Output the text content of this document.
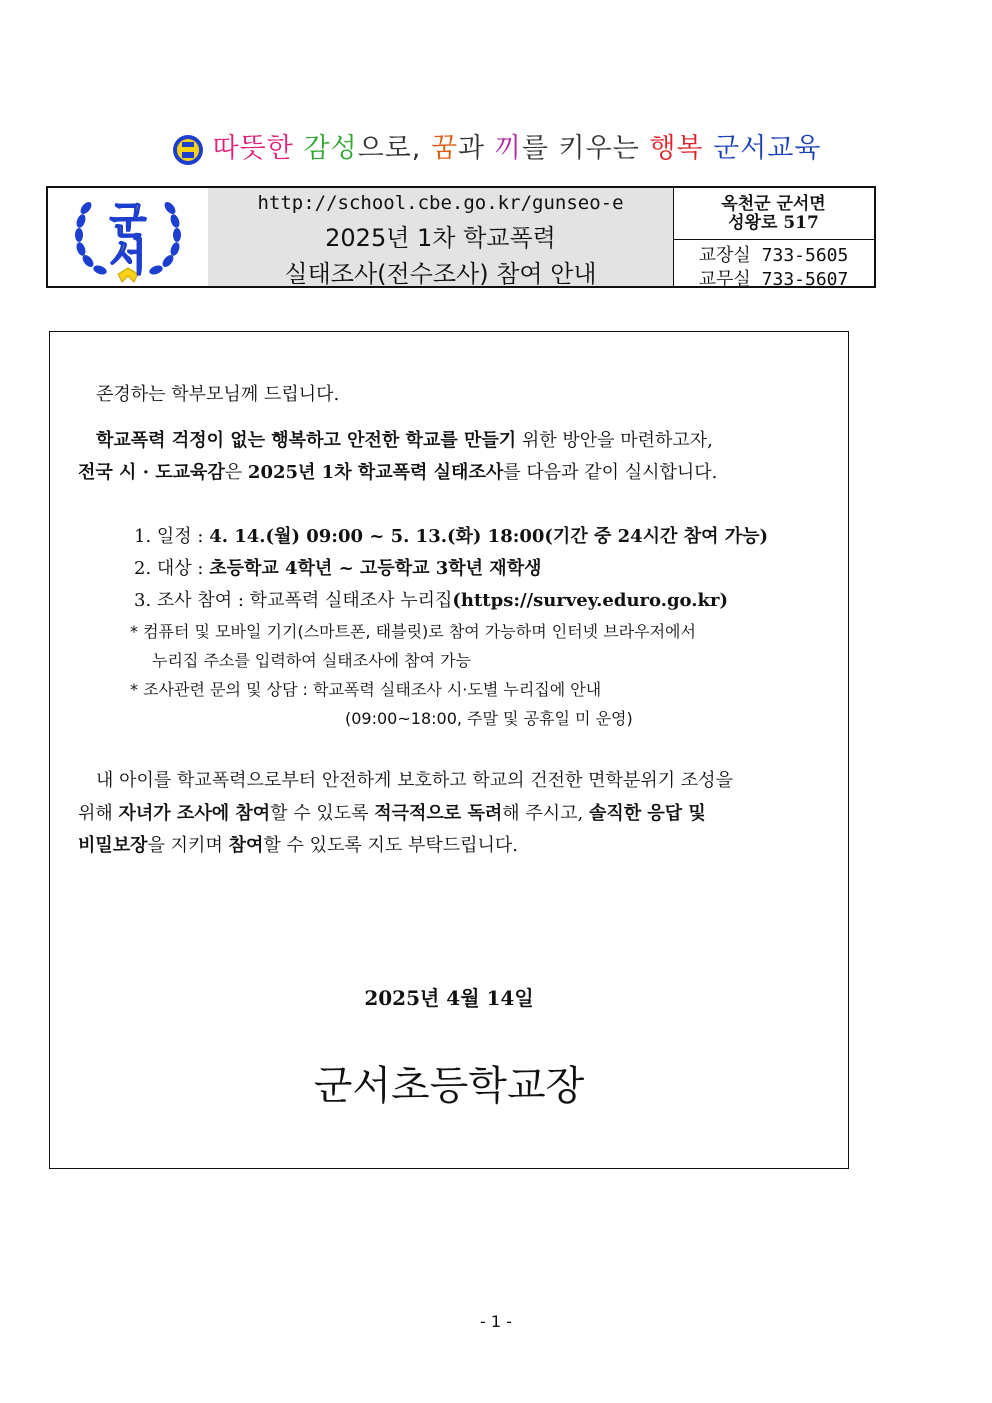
따뜻한 감성으로, 꿈과 끼를 키우는 행복 군서교육
군
서
http://school.cbe.go.kr/gunseo-e
2025년 1차 학교폭력
실태조사(전수조사) 참여 안내
옥천군 군서면
성왕로 517
교장실 733-5605
교무실 733-5607
존경하는 학부모님께 드립니다.
학교폭력 걱정이 없는 행복하고 안전한 학교를 만들기 위한 방안을 마련하고자,
전국 시 · 도교육감은 2025년 1차 학교폭력 실태조사를 다음과 같이 실시합니다.
1. 일정 : 4. 14.(월) 09:00 ~ 5. 13.(화) 18:00(기간 중 24시간 참여 가능)
2. 대상 : 초등학교 4학년 ~ 고등학교 3학년 재학생
3. 조사 참여 : 학교폭력 실태조사 누리집(https://survey.eduro.go.kr)
* 컴퓨터 및 모바일 기기(스마트폰, 태블릿)로 참여 가능하며 인터넷 브라우저에서
누리집 주소를 입력하여 실태조사에 참여 가능
* 조사관련 문의 및 상담 : 학교폭력 실태조사 시·도별 누리집에 안내
(09:00~18:00, 주말 및 공휴일 미 운영)
내 아이를 학교폭력으로부터 안전하게 보호하고 학교의 건전한 면학분위기 조성을
위해 자녀가 조사에 참여할 수 있도록 적극적으로 독려해 주시고, 솔직한 응답 및
비밀보장을 지키며 참여할 수 있도록 지도 부탁드립니다.
2025년 4월 14일
군서초등학교장
- 1 -
